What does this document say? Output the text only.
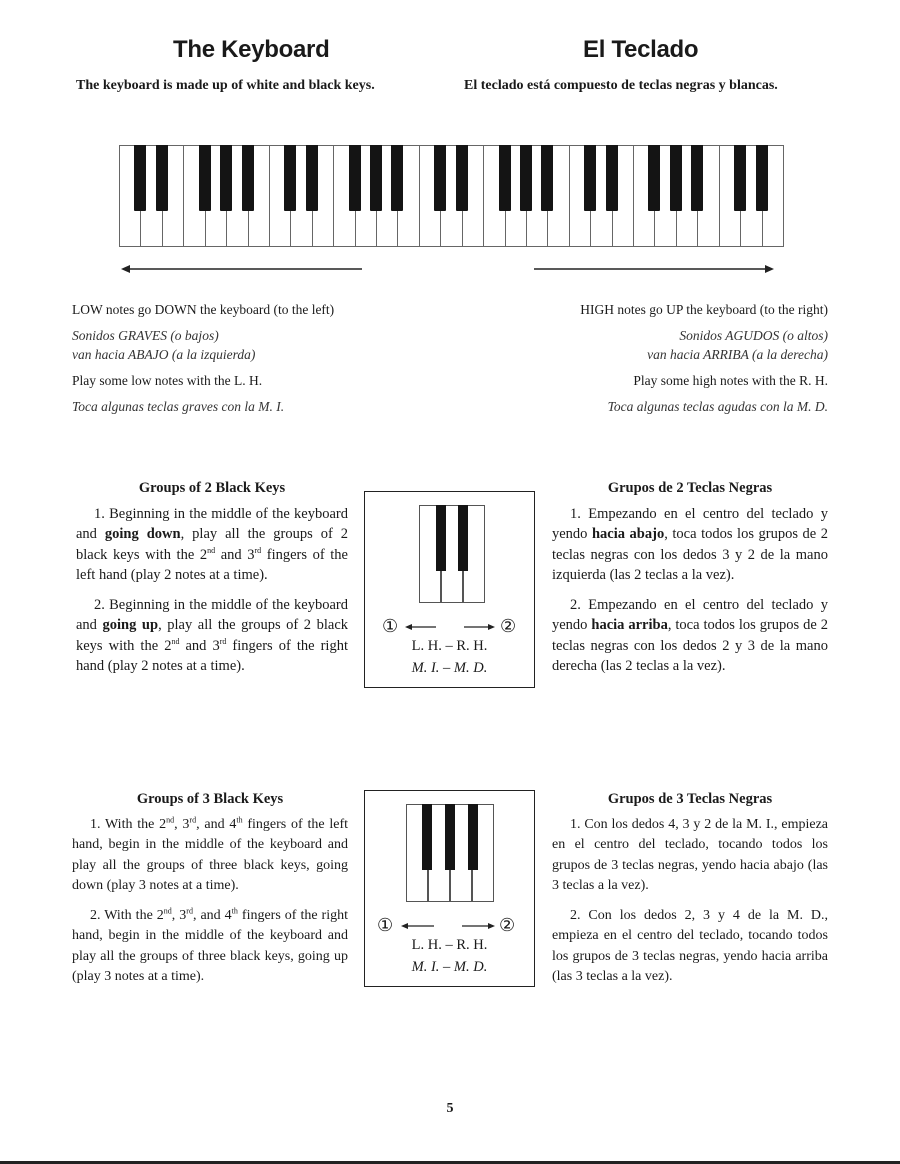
The Keyboard	El Teclado
The keyboard is made up of white and black keys.	El teclado está compuesto de teclas negras y blancas.
LOW notes go DOWN the keyboard (to the left)
Sonidos GRAVES (o bajos)
van hacia ABAJO (a la izquierda)
Play some low notes with the L. H.
Toca algunas teclas graves con la M. I.
HIGH notes go UP the keyboard (to the right)
Sonidos AGUDOS (o altos)
van hacia ARRIBA (a la derecha)
Play some high notes with the R. H.
Toca algunas teclas agudas con la M. D.
Groups of 2 Black Keys

1. Beginning in the middle of the keyboard and going down, play all the groups of 2 black keys with the 2nd and 3rd fingers of the left hand (play 2 notes at a time).

2. Beginning in the middle of the keyboard and going up, play all the groups of 2 black keys with the 2nd and 3rd fingers of the right hand (play 2 notes at a time).

①	②
L. H. – R. H.
M. I. – M. D.
Grupos de 2 Teclas Negras

1. Empezando en el centro del teclado y yendo hacia abajo, toca todos los grupos de 2 teclas negras con los dedos 3 y 2 de la mano izquierda (las 2 teclas a la vez).

2. Empezando en el centro del teclado y yendo hacia arriba, toca todos los grupos de 2 teclas negras con los dedos 2 y 3 de la mano derecha (las 2 teclas a la vez).

Groups of 3 Black Keys

1. With the 2nd, 3rd, and 4th fingers of the left hand, begin in the middle of the keyboard and play all the groups of three black keys, going down (play 3 notes at a time).

2. With the 2nd, 3rd, and 4th fingers of the right hand, begin in the middle of the keyboard and play all the groups of three black keys, going up (play 3 notes at a time).

①	②
L. H. – R. H.
M. I. – M. D.
Grupos de 3 Teclas Negras

1. Con los dedos 4, 3 y 2 de la M. I., empieza en el centro del teclado, tocando todos los grupos de 3 teclas negras, yendo hacia abajo (las 3 teclas a la vez).

2. Con los dedos 2, 3 y 4 de la M. D., empieza en el centro del teclado, tocando todos los grupos de 3 teclas negras, yendo hacia arriba (las 3 teclas a la vez).

5
